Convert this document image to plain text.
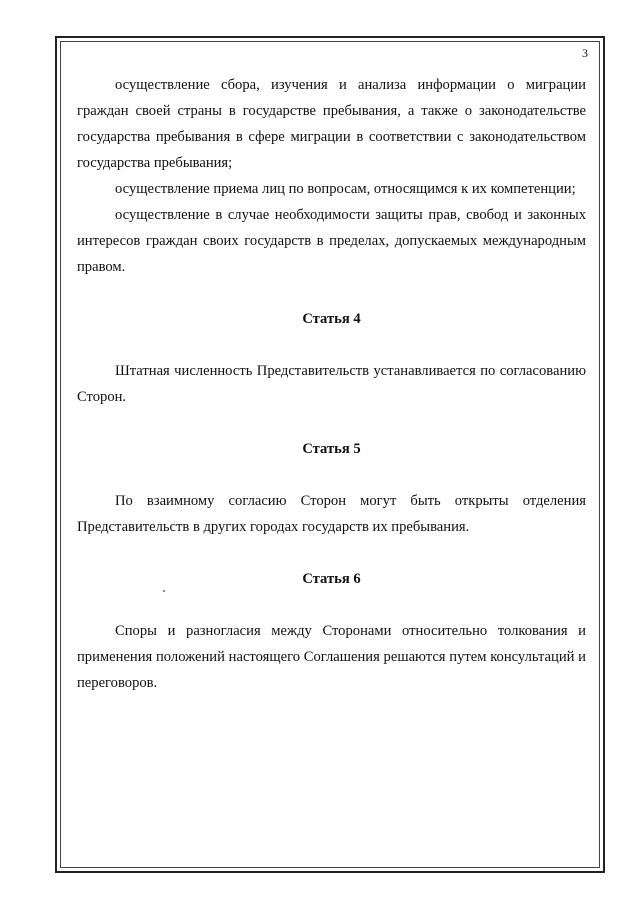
3

осуществление сбора, изучения и анализа информации о миграции граждан своей страны в государстве пребывания, а также о законодательстве государства пребывания в сфере миграции в соответствии с законодательством государства пребывания;

осуществление приема лиц по вопросам, относящимся к их компетенции;

осуществление в случае необходимости защиты прав, свобод и законных интересов граждан своих государств в пределах, допускаемых международным правом.

Статья 4

Штатная численность Представительств устанавливается по согласованию Сторон.

Статья 5

По взаимному согласию Сторон могут быть открыты отделения Представительств в других городах государств их пребывания.

Статья 6

Споры и разногласия между Сторонами относительно толкования и применения положений настоящего Соглашения решаются путем консультаций и переговоров.
